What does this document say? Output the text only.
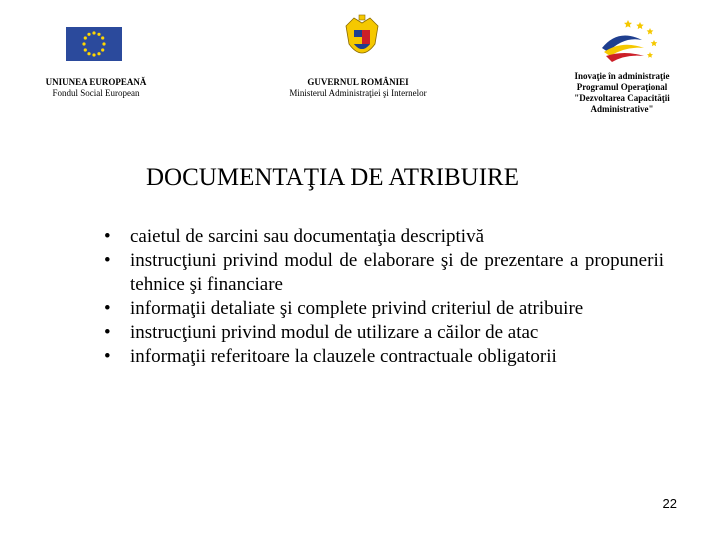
UNIUNEA EUROPEANĂ
Fondul Social European
GUVERNUL ROMÂNIEI
Ministerul Administraţiei şi Internelor
Inovaţie în administraţie
Programul Operaţional
"Dezvoltarea Capacităţii
Administrative"
DOCUMENTAŢIA DE ATRIBUIRE
• caietul de sarcini sau documentaţia descriptivă
• instrucţiuni privind modul de elaborare şi de prezentare a propunerii tehnice şi financiare
• informaţii detaliate şi complete privind criteriul de atribuire
• instrucţiuni privind modul de utilizare a căilor de atac
• informaţii referitoare la clauzele contractuale obligatorii
22
